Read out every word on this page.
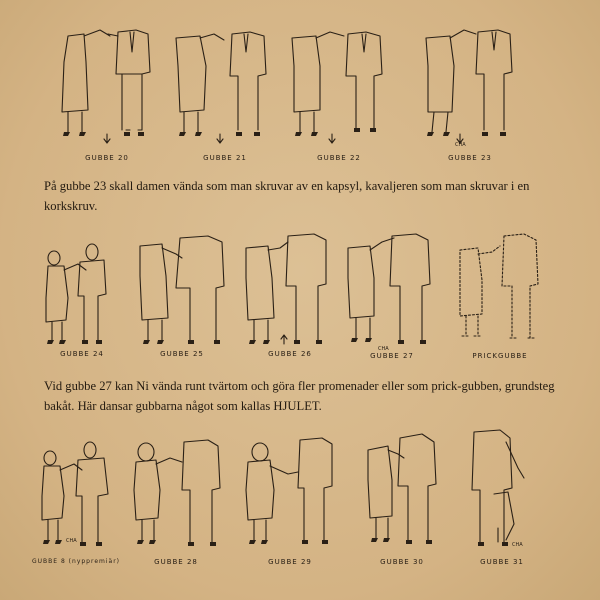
GUBBE 20	GUBBE 21	GUBBE 22
CHA
GUBBE 23
På gubbe 23 skall damen vända som man skruvar av en kapsyl, kavaljeren som man skruvar i en korkskruv.
GUBBE 24	GUBBE 25	GUBBE 26
CHA
GUBBE 27	PRICKGUBBE
Vid gubbe 27 kan Ni vända runt tvärtom och göra fler promenader eller som prick-gubben, grundsteg bakåt. Här dansar gubbarna något som kallas HJULET.
CHA
GUBBE 8 (nyppremiär)	GUBBE 28	GUBBE 29	GUBBE 30
CHA
GUBBE 31
